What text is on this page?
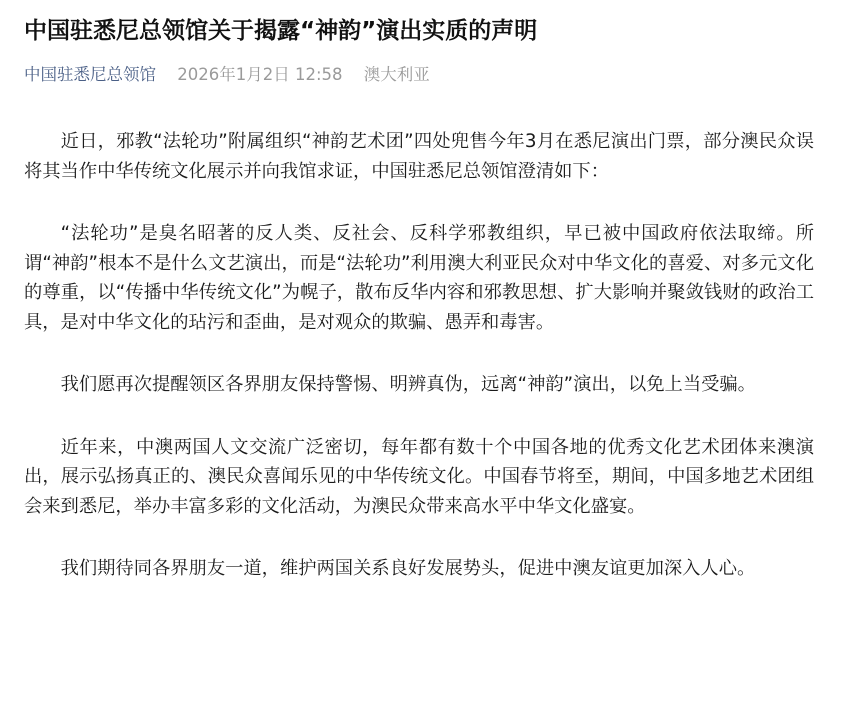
中国驻悉尼总领馆关于揭露“神韵”演出实质的声明
中国驻悉尼总领馆 2026年1月2日 12:58 澳大利亚

近日，邪教“法轮功”附属组织“神韵艺术团”四处兜售今年3月在悉尼演出门票，部分澳民众误将其当作中华传统文化展示并向我馆求证，中国驻悉尼总领馆澄清如下：

“法轮功”是臭名昭著的反人类、反社会、反科学邪教组织，早已被中国政府依法取缔。所谓“神韵”根本不是什么文艺演出，而是“法轮功”利用澳大利亚民众对中华文化的喜爱、对多元文化的尊重，以“传播中华传统文化”为幌子，散布反华内容和邪教思想、扩大影响并聚敛钱财的政治工具，是对中华文化的玷污和歪曲，是对观众的欺骗、愚弄和毒害。

我们愿再次提醒领区各界朋友保持警惕、明辨真伪，远离“神韵”演出，以免上当受骗。

近年来，中澳两国人文交流广泛密切，每年都有数十个中国各地的优秀文化艺术团体来澳演出，展示弘扬真正的、澳民众喜闻乐见的中华传统文化。中国春节将至，期间，中国多地艺术团组会来到悉尼，举办丰富多彩的文化活动，为澳民众带来高水平中华文化盛宴。

我们期待同各界朋友一道，维护两国关系良好发展势头，促进中澳友谊更加深入人心。
